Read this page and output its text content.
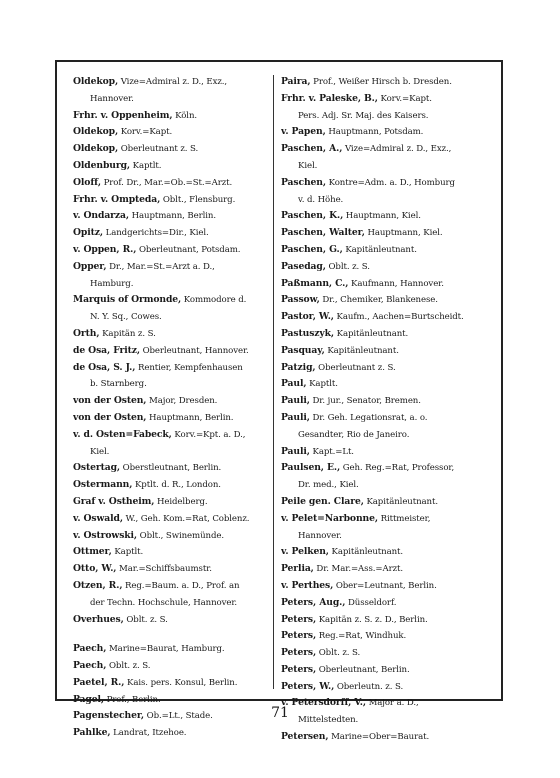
Oldekop, Vize=Admiral z. D., Exz.,
Hannover.
Frhr. v. Oppenheim, Köln.
Oldekop, Korv.=Kapt.
Oldekop, Oberleutnant z. S.
Oldenburg, Kaptlt.
Oloff, Prof. Dr., Mar.=Ob.=St.=Arzt.
Frhr. v. Ompteda, Oblt., Flensburg.
v. Ondarza, Hauptmann, Berlin.
Opitz, Landgerichts=Dir., Kiel.
v. Oppen, R., Oberleutnant, Potsdam.
Opper, Dr., Mar.=St.=Arzt a. D.,
Hamburg.
Marquis of Ormonde, Kommodore d.
N. Y. Sq., Cowes.
Orth, Kapitän z. S.
de Osa, Fritz, Oberleutnant, Hannover.
de Osa, S. J., Rentier, Kempfenhausen
b. Starnberg.
von der Osten, Major, Dresden.
von der Osten, Hauptmann, Berlin.
v. d. Osten=Fabeck, Korv.=Kpt. a. D.,
Kiel.
Ostertag, Oberstleutnant, Berlin.
Ostermann, Kptlt. d. R., London.
Graf v. Ostheim, Heidelberg.
v. Oswald, W., Geh. Kom.=Rat, Coblenz.
v. Ostrowski, Oblt., Swinemünde.
Ottmer, Kaptlt.
Otto, W., Mar.=Schiffsbaumstr.
Otzen, R., Reg.=Baum. a. D., Prof. an
der Techn. Hochschule, Hannover.
Overhues, Oblt. z. S.
Paech, Marine=Baurat, Hamburg.
Paech, Oblt. z. S.
Paetel, R., Kais. pers. Konsul, Berlin.
Pagel, Prof., Berlin.
Pagenstecher, Ob.=Lt., Stade.
Pahlke, Landrat, Itzehoe.
Paira, Prof., Weißer Hirsch b. Dresden.
Frhr. v. Paleske, B., Korv.=Kapt.
Pers. Adj. Sr. Maj. des Kaisers.
v. Papen, Hauptmann, Potsdam.
Paschen, A., Vize=Admiral z. D., Exz.,
Kiel.
Paschen, Kontre=Adm. a. D., Homburg
v. d. Höhe.
Paschen, K., Hauptmann, Kiel.
Paschen, Walter, Hauptmann, Kiel.
Paschen, G., Kapitänleutnant.
Pasedag, Oblt. z. S.
Paßmann, C., Kaufmann, Hannover.
Passow, Dr., Chemiker, Blankenese.
Pastor, W., Kaufm., Aachen=Burtscheidt.
Pastuszyk, Kapitänleutnant.
Pasquay, Kapitänleutnant.
Patzig, Oberleutnant z. S.
Paul, Kaptlt.
Pauli, Dr. jur., Senator, Bremen.
Pauli, Dr. Geh. Legationsrat, a. o.
Gesandter, Rio de Janeiro.
Pauli, Kapt.=Lt.
Paulsen, E., Geh. Reg.=Rat, Professor,
Dr. med., Kiel.
Peile gen. Clare, Kapitänleutnant.
v. Pelet=Narbonne, Rittmeister,
Hannover.
v. Pelken, Kapitänleutnant.
Perlia, Dr. Mar.=Ass.=Arzt.
v. Perthes, Ober=Leutnant, Berlin.
Peters, Aug., Düsseldorf.
Peters, Kapitän z. S. z. D., Berlin.
Peters, Reg.=Rat, Windhuk.
Peters, Oblt. z. S.
Peters, Oberleutnant, Berlin.
Peters, W., Oberleutn. z. S.
v. Petersdorff, V., Major a. D.,
Mittelstedten.
Petersen, Marine=Ober=Baurat.
71
